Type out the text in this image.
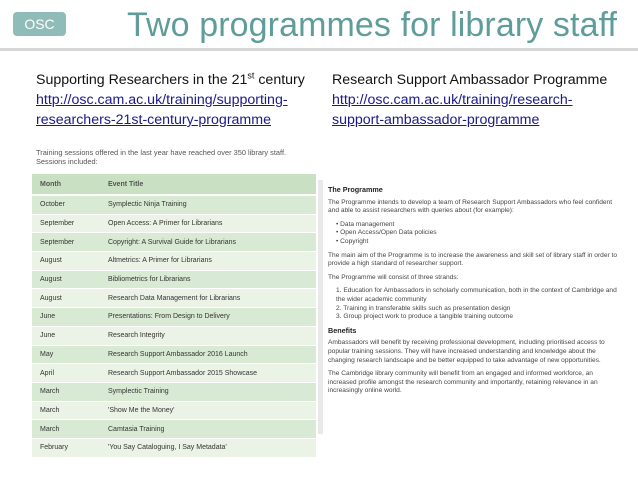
OSC	Two programmes for library staff
Supporting Researchers in the 21st century
http://osc.cam.ac.uk/training/supporting-researchers-21st-century-programme
Research Support Ambassador Programme
http://osc.cam.ac.uk/training/research-support-ambassador-programme
Training sessions offered in the last year have reached over 350 library staff. Sessions included:
Month	Event Title
October	Symplectic Ninja Training
September	Open Access: A Primer for Librarians
September	Copyright: A Survival Guide for Librarians
August	Altmetrics: A Primer for Librarians
August	Bibliometrics for Librarians
August	Research Data Management for Librarians
June	Presentations: From Design to Delivery
June	Research Integrity
May	Research Support Ambassador 2016 Launch
April	Research Support Ambassador 2015 Showcase
March	Symplectic Training
March	'Show Me the Money'
March	Camtasia Training
February	'You Say Cataloguing, I Say Metadata'
The Programme

The Programme intends to develop a team of Research Support Ambassadors who feel confident and able to assist researchers with queries about (for example):

• Data management
• Open Access/Open Data policies
• Copyright

The main aim of the Programme is to increase the awareness and skill set of library staff in order to provide a high standard of researcher support.

The Programme will consist of three strands:

1. Education for Ambassadors in scholarly communication, both in the context of Cambridge and the wider academic community
2. Training in transferable skills such as presentation design
3. Group project work to produce a tangible training outcome
Benefits

Ambassadors will benefit by receiving professional development, including prioritised access to popular training sessions. They will have increased understanding and knowledge about the changing research landscape and be better equipped to take advantage of new opportunities.

The Cambridge library community will benefit from an engaged and informed workforce, an increased profile amongst the research community and importantly, retaining relevance in an increasingly online world.
